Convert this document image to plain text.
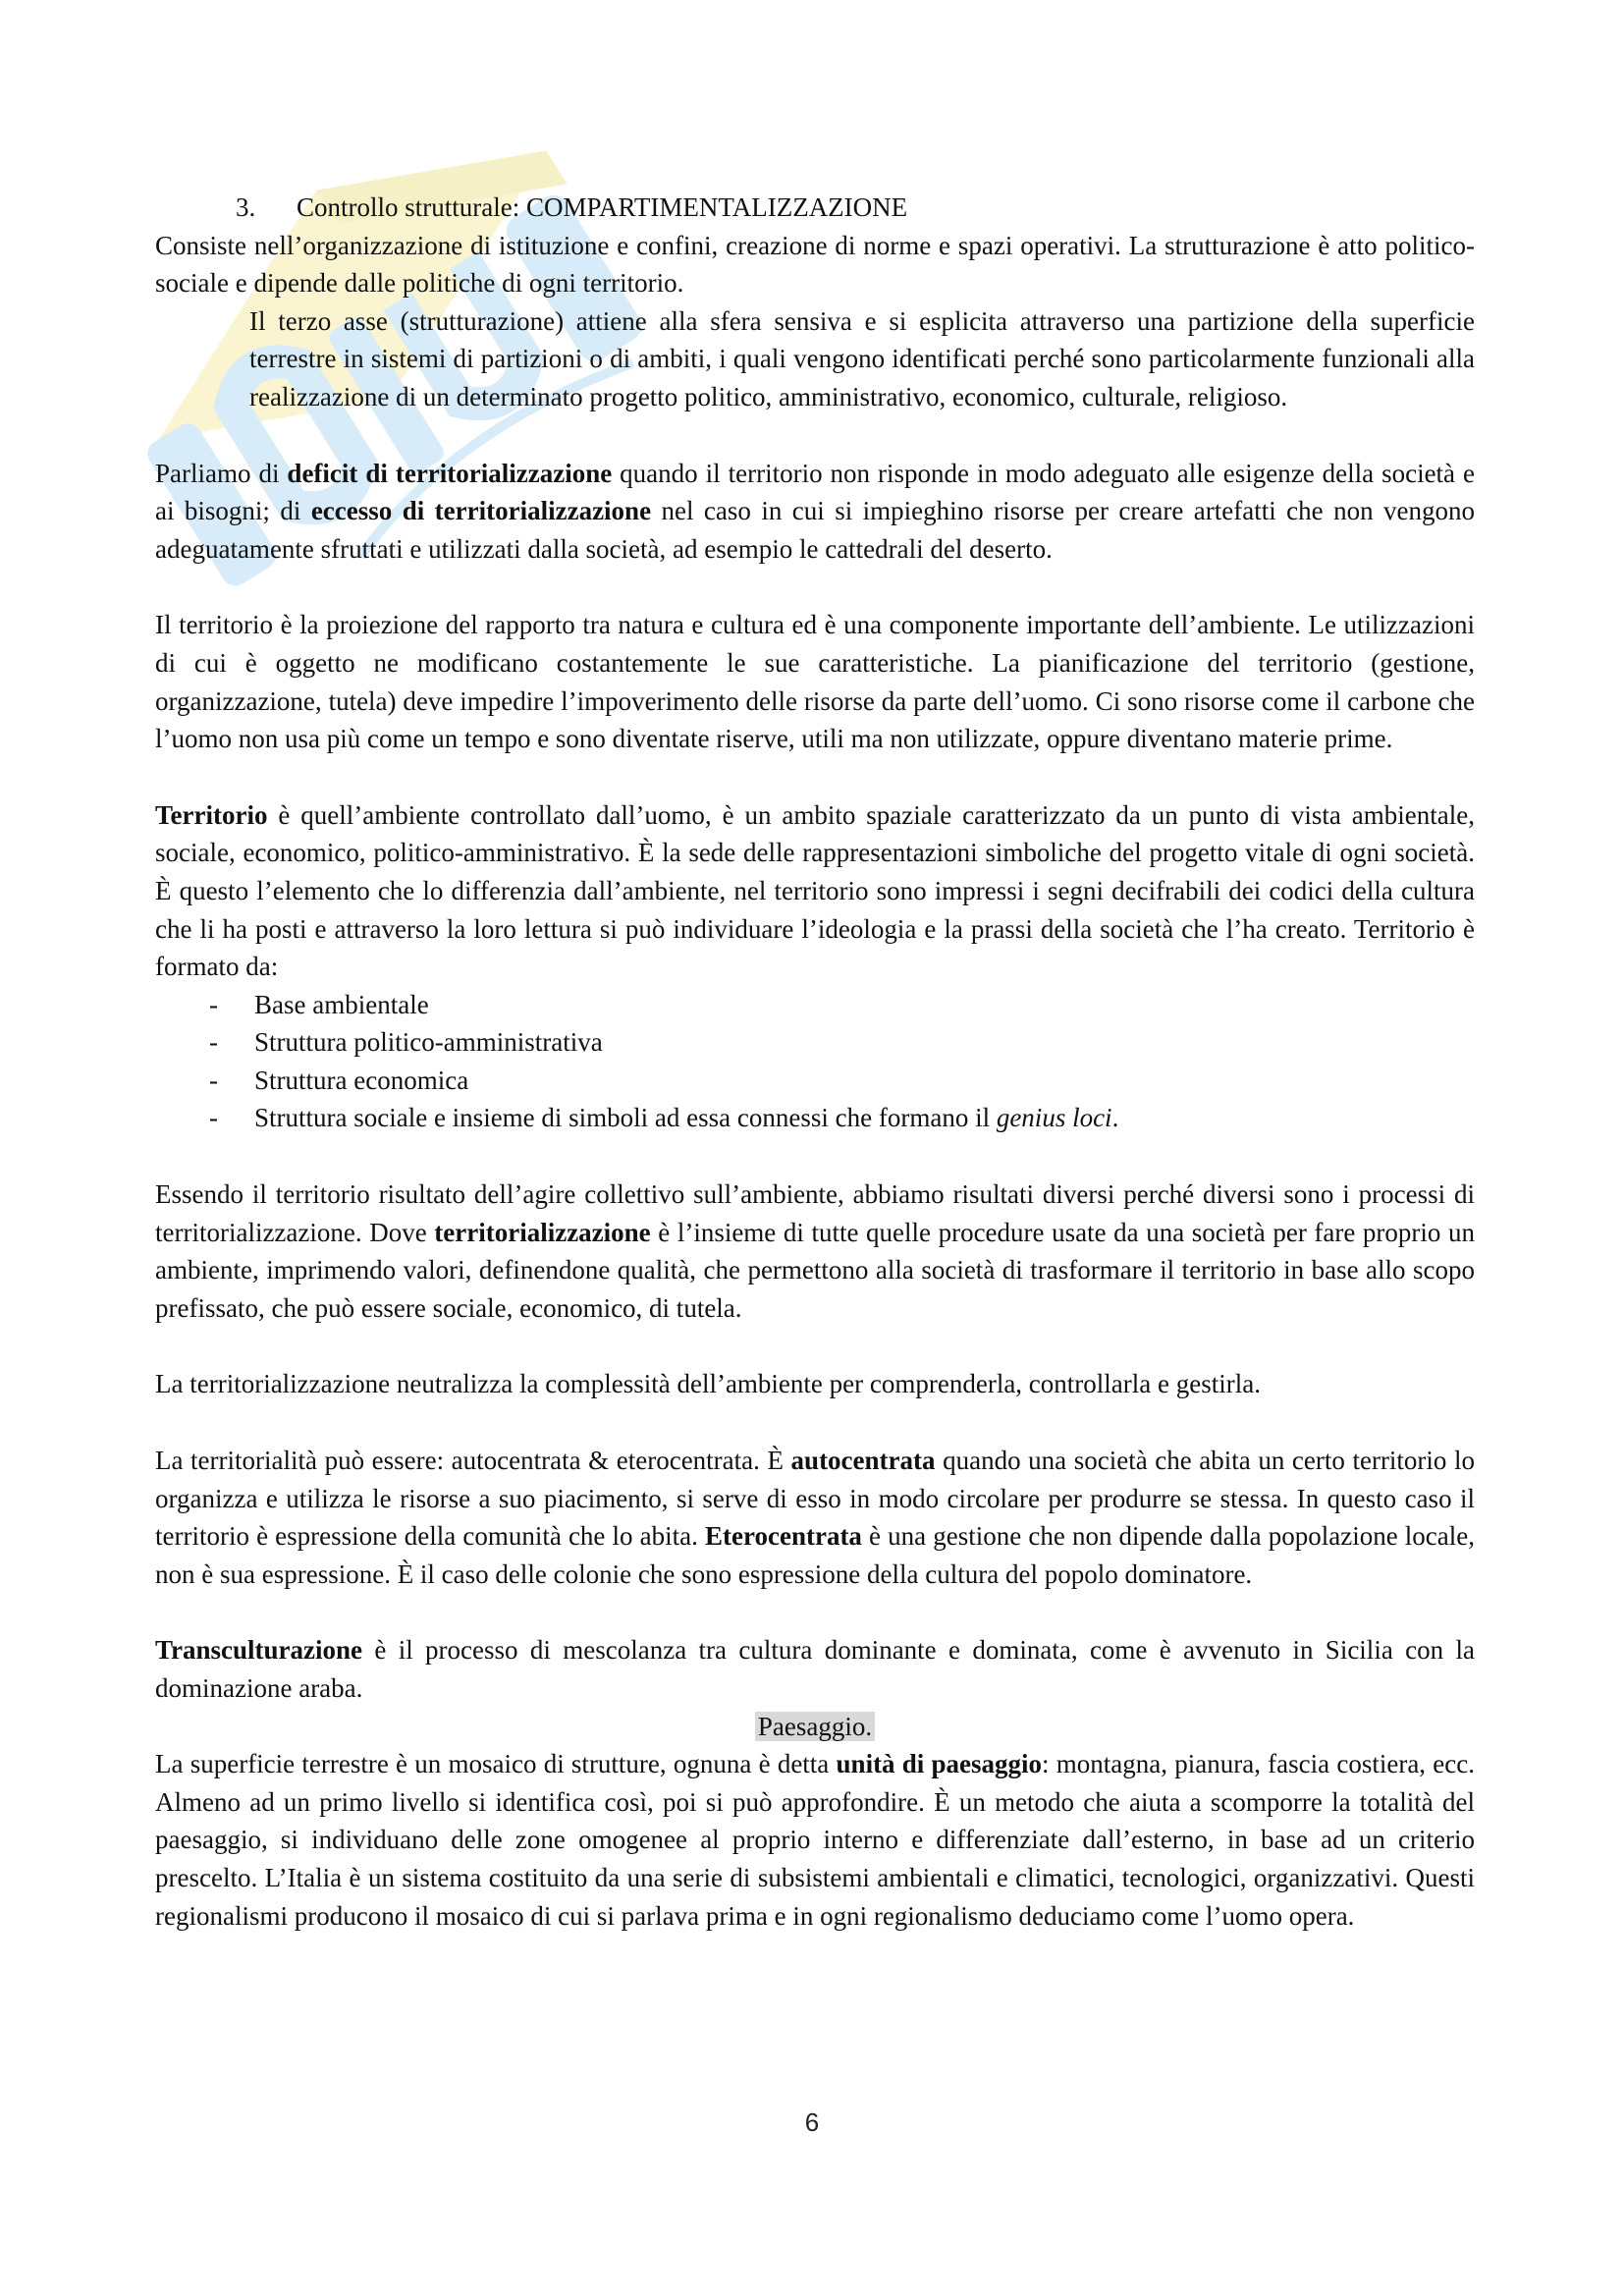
3. Controllo strutturale: COMPARTIMENTALIZZAZIONE

Consiste nell’organizzazione di istituzione e confini, creazione di norme e spazi operativi. La strutturazione è atto politico-sociale e dipende dalle politiche di ogni territorio.

Il terzo asse (strutturazione) attiene alla sfera sensiva e si esplicita attraverso una partizione della superficie terrestre in sistemi di partizioni o di ambiti, i quali vengono identificati perché sono particolarmente funzionali alla realizzazione di un determinato progetto politico, amministrativo, economico, culturale, religioso.

Parliamo di deficit di territorializzazione quando il territorio non risponde in modo adeguato alle esigenze della società e ai bisogni; di eccesso di territorializzazione nel caso in cui si impieghino risorse per creare artefatti che non vengono adeguatamente sfruttati e utilizzati dalla società, ad esempio le cattedrali del deserto.

Il territorio è la proiezione del rapporto tra natura e cultura ed è una componente importante dell’ambiente. Le utilizzazioni di cui è oggetto ne modificano costantemente le sue caratteristiche. La pianificazione del territorio (gestione, organizzazione, tutela) deve impedire l’impoverimento delle risorse da parte dell’uomo. Ci sono risorse come il carbone che l’uomo non usa più come un tempo e sono diventate riserve, utili ma non utilizzate, oppure diventano materie prime.

Territorio è quell’ambiente controllato dall’uomo, è un ambito spaziale caratterizzato da un punto di vista ambientale, sociale, economico, politico-amministrativo. È la sede delle rappresentazioni simboliche del progetto vitale di ogni società. È questo l’elemento che lo differenzia dall’ambiente, nel territorio sono impressi i segni decifrabili dei codici della cultura che li ha posti e attraverso la loro lettura si può individuare l’ideologia e la prassi della società che l’ha creato. Territorio è formato da:

- Base ambientale
- Struttura politico-amministrativa
- Struttura economica
- Struttura sociale e insieme di simboli ad essa connessi che formano il genius loci.

Essendo il territorio risultato dell’agire collettivo sull’ambiente, abbiamo risultati diversi perché diversi sono i processi di territorializzazione. Dove territorializzazione è l’insieme di tutte quelle procedure usate da una società per fare proprio un ambiente, imprimendo valori, definendone qualità, che permettono alla società di trasformare il territorio in base allo scopo prefissato, che può essere sociale, economico, di tutela.

La territorializzazione neutralizza la complessità dell’ambiente per comprenderla, controllarla e gestirla.

La territorialità può essere: autocentrata & eterocentrata. È autocentrata quando una società che abita un certo territorio lo organizza e utilizza le risorse a suo piacimento, si serve di esso in modo circolare per produrre se stessa. In questo caso il territorio è espressione della comunità che lo abita. Eterocentrata è una gestione che non dipende dalla popolazione locale, non è sua espressione. È il caso delle colonie che sono espressione della cultura del popolo dominatore.

Transculturazione è il processo di mescolanza tra cultura dominante e dominata, come è avvenuto in Sicilia con la dominazione araba.

Paesaggio.

La superficie terrestre è un mosaico di strutture, ognuna è detta unità di paesaggio: montagna, pianura, fascia costiera, ecc. Almeno ad un primo livello si identifica così, poi si può approfondire. È un metodo che aiuta a scomporre la totalità del paesaggio, si individuano delle zone omogenee al proprio interno e differenziate dall’esterno, in base ad un criterio prescelto. L’Italia è un sistema costituito da una serie di subsistemi ambientali e climatici, tecnologici, organizzativi. Questi regionalismi producono il mosaico di cui si parlava prima e in ogni regionalismo deduciamo come l’uomo opera.

6
